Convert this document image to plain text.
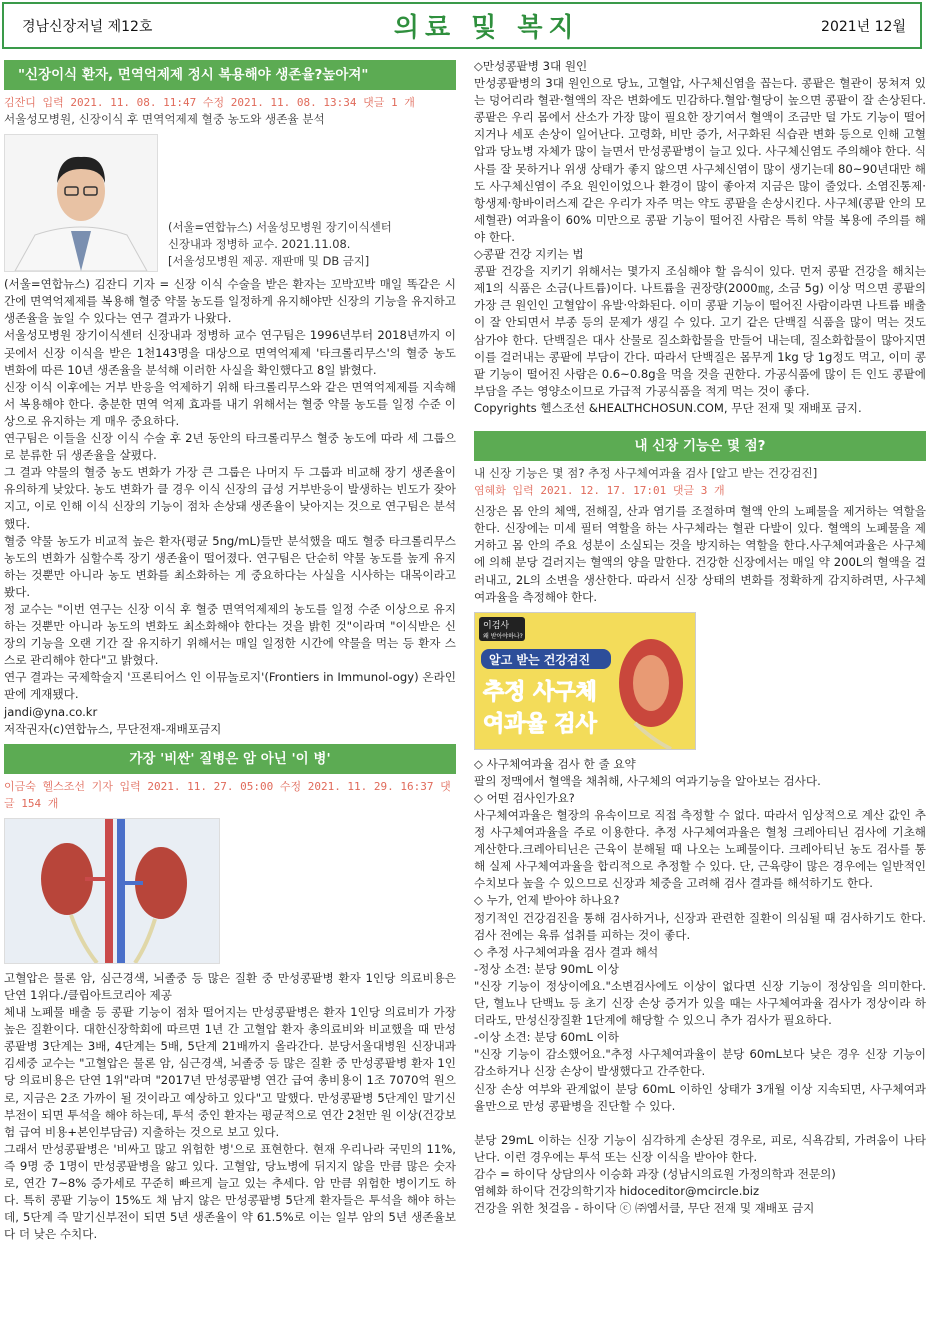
경남신장저널 제12호	의료 및 복지	2021년 12월
"신장이식 환자, 면역억제제 정시 복용해야 생존율?높아져"
김잔디 입력 2021. 11. 08. 11:47 수정 2021. 11. 08. 13:34 댓글 1 개
서울성모병원, 신장이식 후 면역억제제 혈중 농도와 생존율 분석
(서울=연합뉴스) 서울성모병원 장기이식센터
신장내과 정병하 교수. 2021.11.08.
[서울성모병원 제공. 재판매 및 DB 금지]

(서울=연합뉴스) 김잔디 기자 = 신장 이식 수술을 받은 환자는 꼬박꼬박 매일 똑같은 시간에 면역억제제를 복용해 혈중 약물 농도를 일정하게 유지해야만 신장의 기능을 유지하고 생존율을 높일 수 있다는 연구 결과가 나왔다.

서울성모병원 장기이식센터 신장내과 정병하 교수 연구팀은 1996년부터 2018년까지 이곳에서 신장 이식을 받은 1천143명을 대상으로 면역억제제 '타크롤리무스'의 혈중 농도 변화에 따른 10년 생존율을 분석해 이러한 사실을 확인했다고 8일 밝혔다.

신장 이식 이후에는 거부 반응을 억제하기 위해 타크롤리무스와 같은 면역억제제를 지속해서 복용해야 한다. 충분한 면역 억제 효과를 내기 위해서는 혈중 약물 농도를 일정 수준 이상으로 유지하는 게 매우 중요하다.

연구팀은 이들을 신장 이식 수술 후 2년 동안의 타크롤리무스 혈중 농도에 따라 세 그룹으로 분류한 뒤 생존율을 살폈다.

그 결과 약물의 혈중 농도 변화가 가장 큰 그룹은 나머지 두 그룹과 비교해 장기 생존율이 유의하게 낮았다. 농도 변화가 클 경우 이식 신장의 급성 거부반응이 발생하는 빈도가 잦아지고, 이로 인해 이식 신장의 기능이 점차 손상돼 생존율이 낮아지는 것으로 연구팀은 분석했다.

혈중 약물 농도가 비교적 높은 환자(평균 5ng/mL)들만 분석했을 때도 혈중 타크롤리무스 농도의 변화가 심할수록 장기 생존율이 떨어졌다. 연구팀은 단순히 약물 농도를 높게 유지하는 것뿐만 아니라 농도 변화를 최소화하는 게 중요하다는 사실을 시사하는 대목이라고 봤다.

정 교수는 "이번 연구는 신장 이식 후 혈중 면역억제제의 농도를 일정 수준 이상으로 유지하는 것뿐만 아니라 농도의 변화도 최소화해야 한다는 것을 밝힌 것"이라며 "이식받은 신장의 기능을 오랜 기간 잘 유지하기 위해서는 매일 일정한 시간에 약물을 먹는 등 환자 스스로 관리해야 한다"고 밝혔다.

연구 결과는 국제학술지 '프론티어스 인 이뮤놀로지'(Frontiers in Immunol-ogy) 온라인판에 게재됐다.

jandi@yna.co.kr

저작권자(c)연합뉴스, 무단전재-재배포금지

가장 '비싼' 질병은 암 아닌 '이 병'
이금숙 헬스조선 기자 입력 2021. 11. 27. 05:00 수정 2021. 11. 29. 16:37 댓글 154 개

고혈압은 물론 암, 심근경색, 뇌졸중 등 많은 질환 중 만성콩팥병 환자 1인당 의료비용은 단연 1위다./클립아트코리아 제공

체내 노폐물 배출 등 콩팥 기능이 점차 떨어지는 만성콩팥병은 환자 1인당 의료비가 가장 높은 질환이다. 대한신장학회에 따르면 1년 간 고혈압 환자 총의료비와 비교했을 때 만성콩팥병 3단계는 3배, 4단계는 5배, 5단계 21배까지 올라간다. 분당서울대병원 신장내과 김세중 교수는 "고혈압은 물론 암, 심근경색, 뇌졸중 등 많은 질환 중 만성콩팥병 환자 1인당 의료비용은 단연 1위"라며 "2017년 만성콩팥병 연간 급여 총비용이 1조 7070억 원으로, 지금은 2조 가까이 될 것이라고 예상하고 있다"고 말했다. 만성콩팥병 5단계인 말기신부전이 되면 투석을 해야 하는데, 투석 중인 환자는 평균적으로 연간 2천만 원 이상(건강보험 급여 비용+본인부담금) 지출하는 것으로 보고 있다.

그래서 만성콩팥병은 '비싸고 많고 위험한 병'으로 표현한다. 현재 우리나라 국민의 11%, 즉 9명 중 1명이 만성콩팥병을 앓고 있다. 고혈압, 당뇨병에 뒤지지 않을 만큼 많은 숫자로, 연간 7~8% 증가세로 꾸준히 빠르게 늘고 있는 추세다. 암 만큼 위험한 병이기도 하다. 특히 콩팥 기능이 15%도 채 남지 않은 만성콩팥병 5단계 환자들은 투석을 해야 하는데, 5단계 즉 말기신부전이 되면 5년 생존율이 약 61.5%로 이는 일부 암의 5년 생존율보다 더 낮은 수치다.

◇만성콩팥병 3대 원인

만성콩팥병의 3대 원인으로 당뇨, 고혈압, 사구체신염을 꼽는다. 콩팥은 혈관이 뭉쳐져 있는 덩어리라 혈관·혈액의 작은 변화에도 민감하다.혈압·혈당이 높으면 콩팥이 잘 손상된다. 콩팥은 우리 몸에서 산소가 가장 많이 필요한 장기여서 혈액이 조금만 덜 가도 기능이 떨어지거나 세포 손상이 일어난다. 고령화, 비만 증가, 서구화된 식습관 변화 등으로 인해 고혈압과 당뇨병 자체가 많이 늘면서 만성콩팥병이 늘고 있다. 사구체신염도 주의해야 한다. 식사를 잘 못하거나 위생 상태가 좋지 않으면 사구체신염이 많이 생기는데 80~90년대만 해도 사구체신염이 주요 원인이었으나 환경이 많이 좋아져 지금은 많이 줄었다. 소염진통제·항생제·항바이러스제 같은 우리가 자주 먹는 약도 콩팥을 손상시킨다. 사구체(콩팥 안의 모세혈관) 여과율이 60% 미만으로 콩팥 기능이 떨어진 사람은 특히 약물 복용에 주의를 해야 한다.

◇콩팥 건강 지키는 법

콩팥 건강을 지키기 위해서는 몇가지 조심해야 할 음식이 있다. 먼저 콩팥 건강을 해치는 제1의 식품은 소금(나트륨)이다. 나트륨을 권장량(2000㎎, 소금 5g) 이상 먹으면 콩팥의 가장 큰 원인인 고혈압이 유발·악화된다. 이미 콩팥 기능이 떨어진 사람이라면 나트륨 배출이 잘 안되면서 부종 등의 문제가 생길 수 있다. 고기 같은 단백질 식품을 많이 먹는 것도 삼가야 한다. 단백질은 대사 산물로 질소화합물을 만들어 내는데, 질소화합물이 많아지면 이를 걸러내는 콩팥에 부담이 간다. 따라서 단백질은 몸무게 1kg 당 1g정도 먹고, 이미 콩팥 기능이 떨어진 사람은 0.6~0.8g을 먹을 것을 권한다. 가공식품에 많이 든 인도 콩팥에 부담을 주는 영양소이므로 가급적 가공식품을 적게 먹는 것이 좋다.

Copyrights 헬스조선 &HEALTHCHOSUN.COM, 무단 전재 및 재배포 금지.

내 신장 기능은 몇 점?
내 신장 기능은 몇 점? 추정 사구체여과율 검사 [알고 받는 건강검진]
염혜화 입력 2021. 12. 17. 17:01 댓글 3 개

신장은 몸 안의 체액, 전해질, 산과 염기를 조절하며 혈액 안의 노폐물을 제거하는 역할을 한다. 신장에는 미세 필터 역할을 하는 사구체라는 혈관 다발이 있다. 혈액의 노폐물을 제거하고 몸 안의 주요 성분이 소실되는 것을 방지하는 역할을 한다.사구체여과율은 사구체에 의해 분당 걸러지는 혈액의 양을 말한다. 건강한 신장에서는 매일 약 200L의 혈액을 걸러내고, 2L의 소변을 생산한다. 따라서 신장 상태의 변화를 정확하게 감지하려면, 사구체여과율을 측정해야 한다.

이검사
왜 받아야하나?
알고 받는 건강검진
추정 사구체
여과율 검사

◇ 사구체여과율 검사 한 줄 요약

팔의 정맥에서 혈액을 채취해, 사구체의 여과기능을 알아보는 검사다.

◇ 어떤 검사인가요?

사구체여과율은 혈장의 유속이므로 직접 측정할 수 없다. 따라서 임상적으로 계산 값인 추정 사구체여과율을 주로 이용한다. 추정 사구체여과율은 혈청 크레아티닌 검사에 기초해 계산한다.크레아티닌은 근육이 분해될 때 나오는 노폐물이다. 크레아티닌 농도 검사를 통해 실제 사구체여과율을 합리적으로 추정할 수 있다. 단, 근육량이 많은 경우에는 일반적인 수치보다 높을 수 있으므로 신장과 체중을 고려해 검사 결과를 해석하기도 한다.

◇ 누가, 언제 받아야 하나요?

정기적인 건강검진을 통해 검사하거나, 신장과 관련한 질환이 의심될 때 검사하기도 한다. 검사 전에는 육류 섭취를 피하는 것이 좋다.

◇ 추정 사구체여과율 검사 결과 해석

-정상 소견: 분당 90mL 이상

"신장 기능이 정상이에요."소변검사에도 이상이 없다면 신장 기능이 정상임을 의미한다. 단, 혈뇨나 단백뇨 등 초기 신장 손상 증거가 있을 때는 사구체여과율 검사가 정상이라 하더라도, 만성신장질환 1단계에 해당할 수 있으니 추가 검사가 필요하다.

-이상 소견: 분당 60mL 이하

"신장 기능이 감소했어요."추정 사구체여과율이 분당 60mL보다 낮은 경우 신장 기능이 감소하거나 신장 손상이 발생했다고 간주한다.

신장 손상 여부와 관계없이 분당 60mL 이하인 상태가 3개월 이상 지속되면, 사구체여과율만으로 만성 콩팥병을 진단할 수 있다.

분당 29mL 이하는 신장 기능이 심각하게 손상된 경우로, 피로, 식욕감퇴, 가려움이 나타난다. 이런 경우에는 투석 또는 신장 이식을 받아야 한다.

감수 = 하이닥 상담의사 이승화 과장 (성남시의료원 가정의학과 전문의)

염혜화 하이닥 건강의학기자 hidoceditor@mcircle.biz

건강을 위한 첫걸음 - 하이닥 ⓒ ㈜엠서클, 무단 전재 및 재배포 금지
